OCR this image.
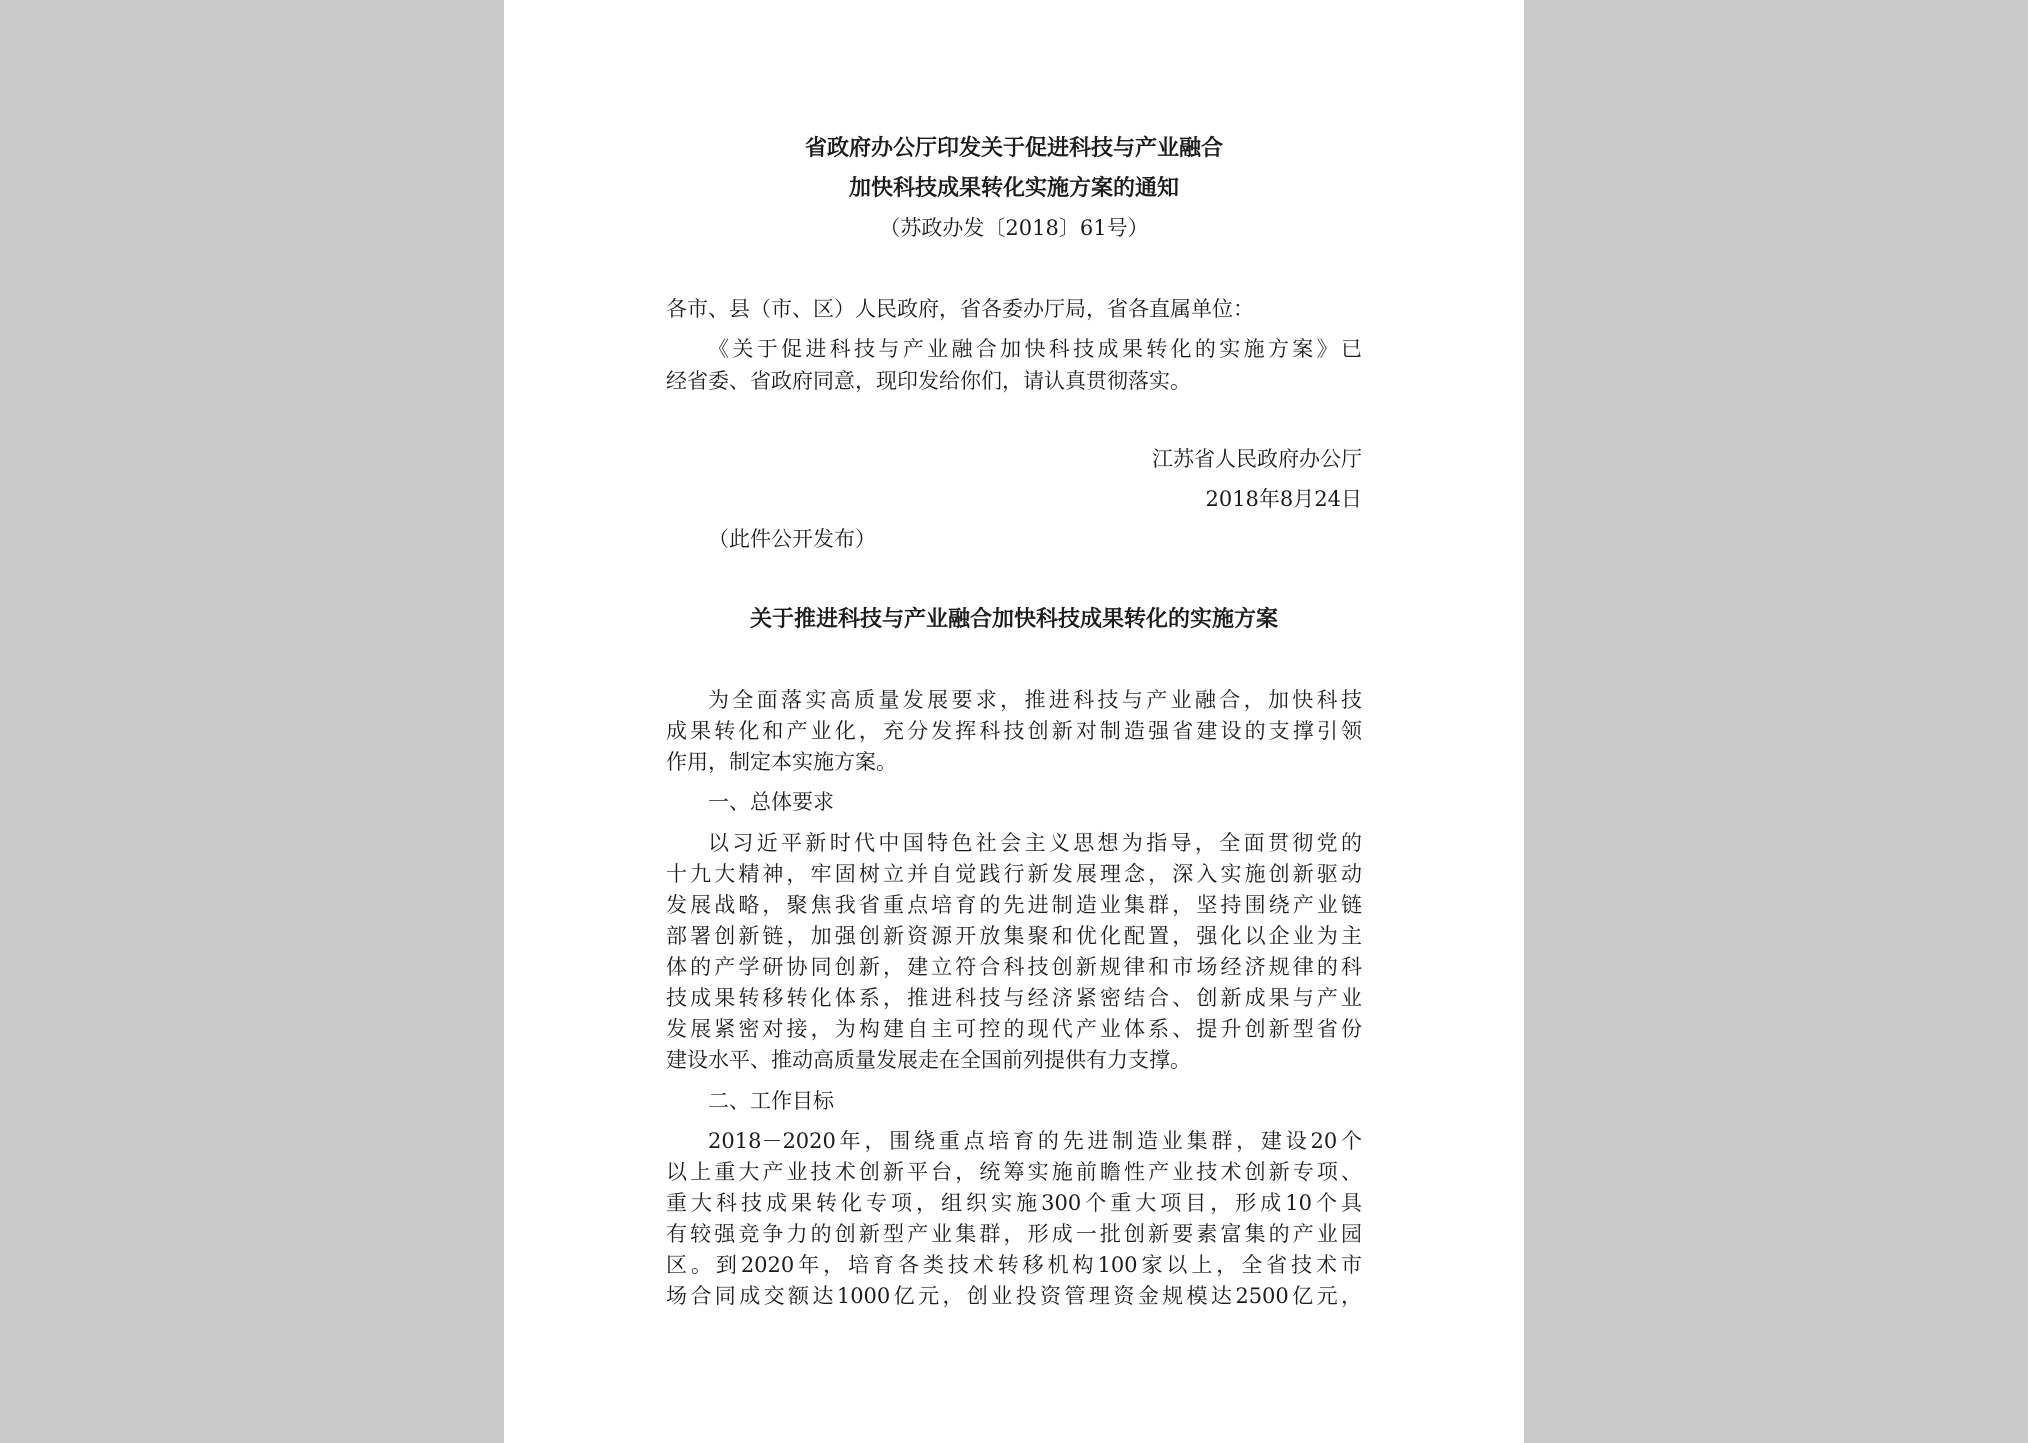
省政府办公厅印发关于促进科技与产业融合
加快科技成果转化实施方案的通知
（苏政办发〔2018〕61号）
各市、县（市、区）人民政府，省各委办厅局，省各直属单位：
《关于促进科技与产业融合加快科技成果转化的实施方案》已
经省委、省政府同意，现印发给你们，请认真贯彻落实。
江苏省人民政府办公厅
2018年8月24日
（此件公开发布）
关于推进科技与产业融合加快科技成果转化的实施方案
为全面落实高质量发展要求，推进科技与产业融合，加快科技
成果转化和产业化，充分发挥科技创新对制造强省建设的支撑引领
作用，制定本实施方案。
一、总体要求
以习近平新时代中国特色社会主义思想为指导，全面贯彻党的
十九大精神，牢固树立并自觉践行新发展理念，深入实施创新驱动
发展战略，聚焦我省重点培育的先进制造业集群，坚持围绕产业链
部署创新链，加强创新资源开放集聚和优化配置，强化以企业为主
体的产学研协同创新，建立符合科技创新规律和市场经济规律的科
技成果转移转化体系，推进科技与经济紧密结合、创新成果与产业
发展紧密对接，为构建自主可控的现代产业体系、提升创新型省份
建设水平、推动高质量发展走在全国前列提供有力支撑。
二、工作目标
2018－2020年，围绕重点培育的先进制造业集群，建设20个
以上重大产业技术创新平台，统筹实施前瞻性产业技术创新专项、
重大科技成果转化专项，组织实施300个重大项目，形成10个具
有较强竞争力的创新型产业集群，形成一批创新要素富集的产业园
区。到2020年，培育各类技术转移机构100家以上，全省技术市
场合同成交额达1000亿元，创业投资管理资金规模达2500亿元，
